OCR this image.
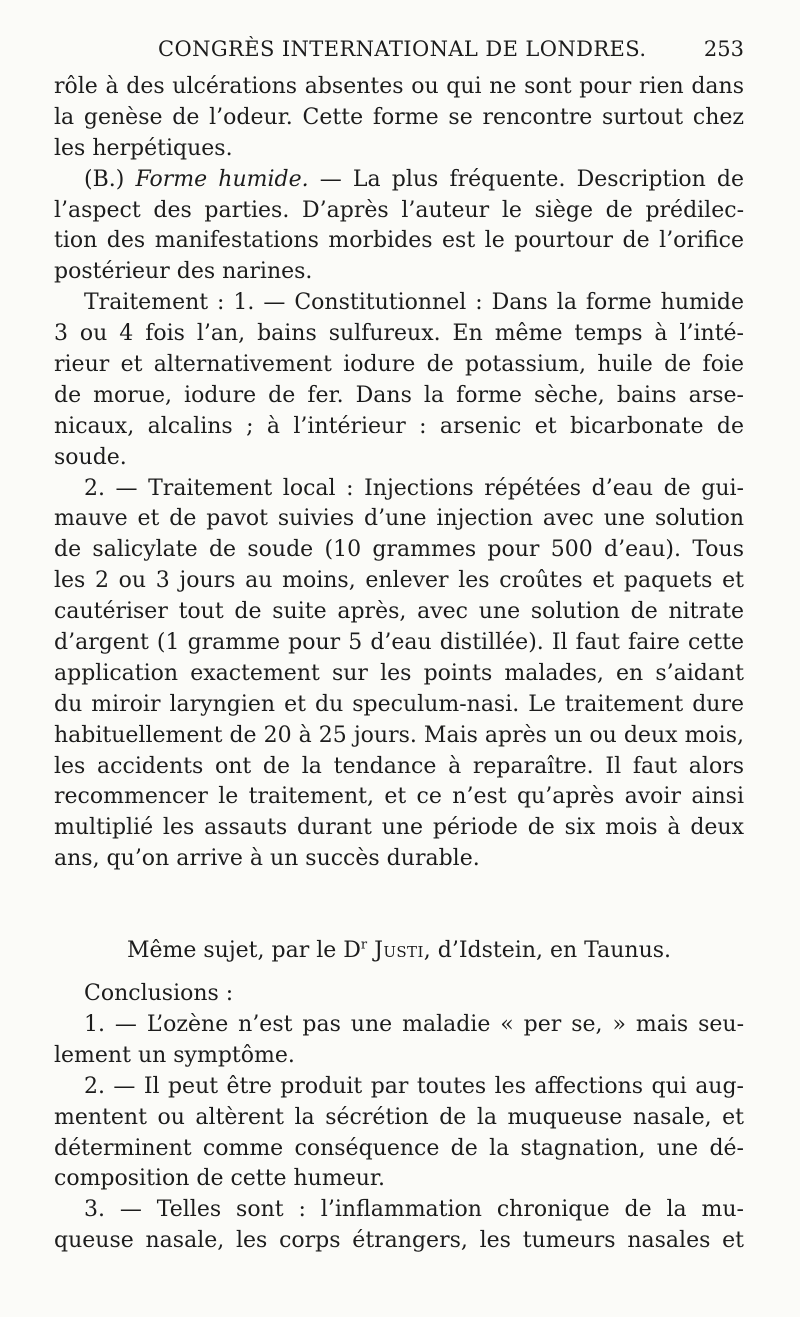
CONGRÈS INTERNATIONAL DE LONDRES.	253
rôle à des ulcérations absentes ou qui ne sont pour rien dans
la genèse de l’odeur. Cette forme se rencontre surtout chez
les herpétiques.
(B.) Forme humide. — La plus fréquente. Description de
l’aspect des parties. D’après l’auteur le siège de prédilec-
tion des manifestations morbides est le pourtour de l’orifice
postérieur des narines.
Traitement : 1. — Constitutionnel : Dans la forme humide
3 ou 4 fois l’an, bains sulfureux. En même temps à l’inté-
rieur et alternativement iodure de potassium, huile de foie
de morue, iodure de fer. Dans la forme sèche, bains arse-
nicaux, alcalins ; à l’intérieur : arsenic et bicarbonate de
soude.
2. — Traitement local : Injections répétées d’eau de gui-
mauve et de pavot suivies d’une injection avec une solution
de salicylate de soude (10 grammes pour 500 d’eau). Tous
les 2 ou 3 jours au moins, enlever les croûtes et paquets et
cautériser tout de suite après, avec une solution de nitrate
d’argent (1 gramme pour 5 d’eau distillée). Il faut faire cette
application exactement sur les points malades, en s’aidant
du miroir laryngien et du speculum-nasi. Le traitement dure
habituellement de 20 à 25 jours. Mais après un ou deux mois,
les accidents ont de la tendance à reparaître. Il faut alors
recommencer le traitement, et ce n’est qu’après avoir ainsi
multiplié les assauts durant une période de six mois à deux
ans, qu’on arrive à un succès durable.
Même sujet, par le $D^r$ Justi, d’Idstein, en Taunus.
Conclusions :
1. — L’ozène n’est pas une maladie « per se, » mais seu-
lement un symptôme.
2. — Il peut être produit par toutes les affections qui aug-
mentent ou altèrent la sécrétion de la muqueuse nasale, et
déterminent comme conséquence de la stagnation, une dé-
composition de cette humeur.
3. — Telles sont : l’inflammation chronique de la mu-
queuse nasale, les corps étrangers, les tumeurs nasales et
